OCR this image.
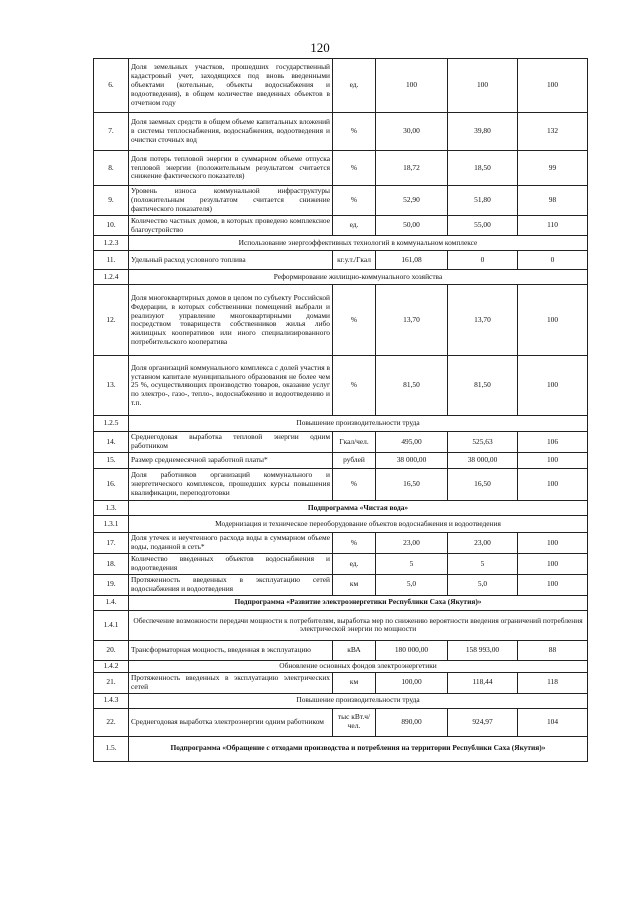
120
6.	Доля земельных участков, прошедших государственный кадастровый учет, заходящихся под вновь введенными объектами (котельные, объекты водоснабжения и водоотведения), в общем количестве введенных объектов в отчетном году	ед.	100	100	100
7.	Доля заемных средств в общем объеме капитальных вложений в системы теплоснабжения, водоснабжения, водоотведения и очистки сточных вод	%	30,00	39,80	132
8.	Доля потерь тепловой энергии в суммарном объеме отпуска тепловой энергии (положительным результатом считается снижение фактического показателя)	%	18,72	18,50	99
9.	Уровень износа коммунальной инфраструктуры (положительным результатом считается снижение фактического показателя)	%	52,90	51,80	98
10.	Количество частных домов, в которых проведено комплексное благоустройство	ед.	50,00	55,00	110
1.2.3	Использование энергоэффективных технологий в коммунальном комплексе				
11.	Удельный расход условного топлива	кг.у.т./Гкал	161,08	0	0
1.2.4	Реформирование жилищно-коммунального хозяйства				
12.	Доля многоквартирных домов в целом по субъекту Российской Федерации, в которых собственники помещений выбрали и реализуют управление многоквартирными домами посредством товариществ собственников жилья либо жилищных кооперативов или иного специализированного потребительского кооператива	%	13,70	13,70	100
13.	Доля организаций коммунального комплекса с долей участия в уставном капитале муниципального образования не более чем 25 %, осуществляющих производство товаров, оказание услуг по электро-, газо-, тепло-, водоснабжению и водоотведению и т.п.	%	81,50	81,50	100
1.2.5	Повышение производительности труда				
14.	Среднегодовая выработка тепловой энергии одним работником	Гкал/чел.	495,00	525,63	106
15.	Размер среднемесячной заработной платы*	рублей	38 000,00	38 000,00	100
16.	Доля работников организаций коммунального и энергетического комплексов, прошедших курсы повышения квалификации, переподготовки	%	16,50	16,50	100
1.3.	Подпрограмма «Чистая вода»				
1.3.1	Модернизация и техническое переоборудование объектов водоснабжения и водоотведения				
17.	Доля утечек и неучтенного расхода воды в суммарном объеме воды, поданной в сеть*	%	23,00	23,00	100
18.	Количество введенных объектов водоснабжения и водоотведения	ед.	5	5	100
19.	Протяженность введенных в эксплуатацию сетей водоснабжения и водоотведения	км	5,0	5,0	100
1.4.	Подпрограмма «Развитие электроэнергетики Республики Саха (Якутия)»				
1.4.1	Обеспечение возможности передачи мощности к потребителям, выработка мер по снижению вероятности введения ограничений потребления электрической энергии по мощности				
20.	Трансформаторная мощность, введенная в эксплуатацию	кВА	180 000,00	158 993,00	88
1.4.2	Обновление основных фондов электроэнергетики				
21.	Протяженность введенных в эксплуатацию электрических сетей	км	100,00	118,44	118
1.4.3	Повышение производительности труда				
22.	Среднегодовая выработка электроэнергии одним работником	тыс кВт.ч/чел.	890,00	924,97	104
1.5.	Подпрограмма «Обращение с отходами производства и потребления на территории Республики Саха (Якутия)»				
